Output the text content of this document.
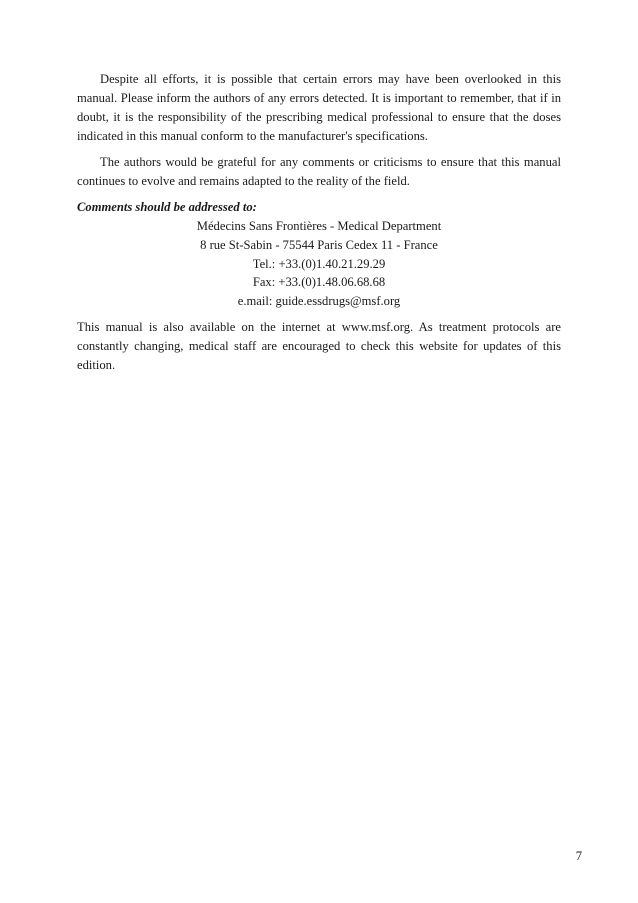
Despite all efforts, it is possible that certain errors may have been overlooked in this manual. Please inform the authors of any errors detected. It is important to remember, that if in doubt, it is the responsibility of the prescribing medical professional to ensure that the doses indicated in this manual conform to the manufacturer's specifications.

The authors would be grateful for any comments or criticisms to ensure that this manual continues to evolve and remains adapted to the reality of the field.

Comments should be addressed to:

Médecins Sans Frontières - Medical Department
8 rue St-Sabin - 75544 Paris Cedex 11 - France
Tel.: +33.(0)1.40.21.29.29
Fax: +33.(0)1.48.06.68.68
e.mail: guide.essdrugs@msf.org

This manual is also available on the internet at www.msf.org. As treatment protocols are constantly changing, medical staff are encouraged to check this website for updates of this edition.

7
